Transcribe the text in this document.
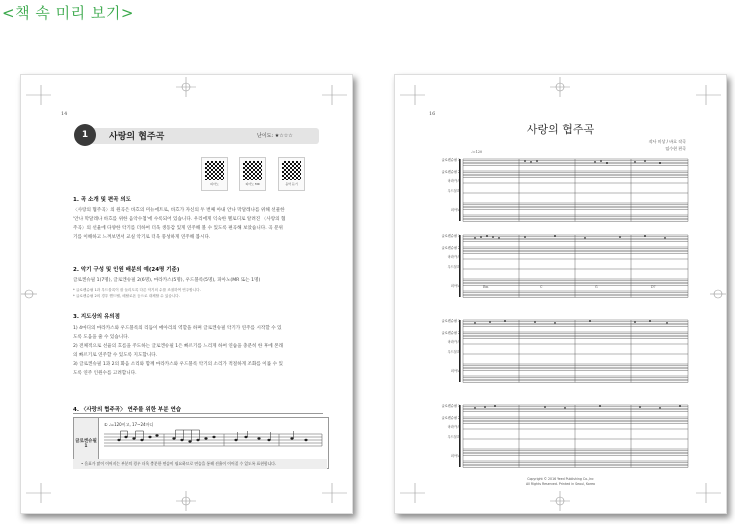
<책 속 미리 보기>
14
1	사랑의 협주곡	난이도: ★☆☆☆
피아노	피아노 MR	음악 듣기
1. 곡 소개 및 편곡 의도
〈사랑의 협주곡〉의 원곡은 바흐의 미뉴에트로, 바흐가 자신의 두 번째 아내 안나 막달레나를 위해 선물한
'안나 막달레나 바흐를 위한 음악수첩'에 수록되어 있습니다. 우리에게 익숙한 멜로디로 알려진 〈사랑의 협
주곡〉의 선율에 다양한 악기를 더하여 더욱 생동감 있게 연주해 볼 수 있도록 편곡해 보았습니다. 곡 분위
기를 이해하고 느껴보면서 교실 악기로 더욱 풍성하게 연주해 봅시다.
2. 악기 구성 및 인원 배분의 예(24명 기준)
글로켄슈필 1(7명), 글로켄슈필 2(6명), 마라카스(5명), 우드블록(5명), 피아노(MR 또는 1명)
* 글로켄슈필 1과 우드블록이 잘 들리도록 다른 악기의 수를 조절하여 연주합니다.
* 글로켄슈필 2의 경우 핸드벨, 메탈로폰 등으로 대체할 수 있습니다.
3. 지도상의 유의점
1) 4마디의 마라카스와 우드블록의 리듬이 메아리의 역할을 하며 글로켄슈필 악기가 연주를 시작할 수 있
도록 도움을 줄 수 있습니다.
2) 전체적으로 선율의 흐름을 주도하는 글로켄슈필 1은 빠르기를 느리게 하여 연습을 충분히 한 후에 본래
의 빠르기로 연주할 수 있도록 지도합니다.
3) 글로켄슈필 1과 2의 화음 소리와 함께 마라카스와 우드블록 악기의 소리가 적절하게 조화를 이룰 수 있
도록 연주 인원수를 고려합니다.
4. 〈사랑의 협주곡〉 연주를 위한 부분 연습
글로켄슈필 1
① ♩=120이고, 17~24마디
• 음표가 많이 이어지는 부분의 경우 더욱 충분한 연습이 필요하므로 연습을 통해 선율이 이어질 수 있도록 표현합니다.
16
사랑의 협주곡
작사 미상 / 바흐 작곡
임수현 편곡
♩=120
글로켄슈필 1
글로켄슈필 2
마라카스
우드블록
피아노
글로켄슈필 1
글로켄슈필 2
마라카스
우드블록
피아노
글로켄슈필 1
글로켄슈필 2
마라카스
우드블록
피아노
글로켄슈필 1
글로켄슈필 2
마라카스
우드블록
피아노
Em	C	G	D7
Copyright © 2016 Yeed Publishing Co.,Inc
All Rights Reserved. Printed in Seoul, Korea
